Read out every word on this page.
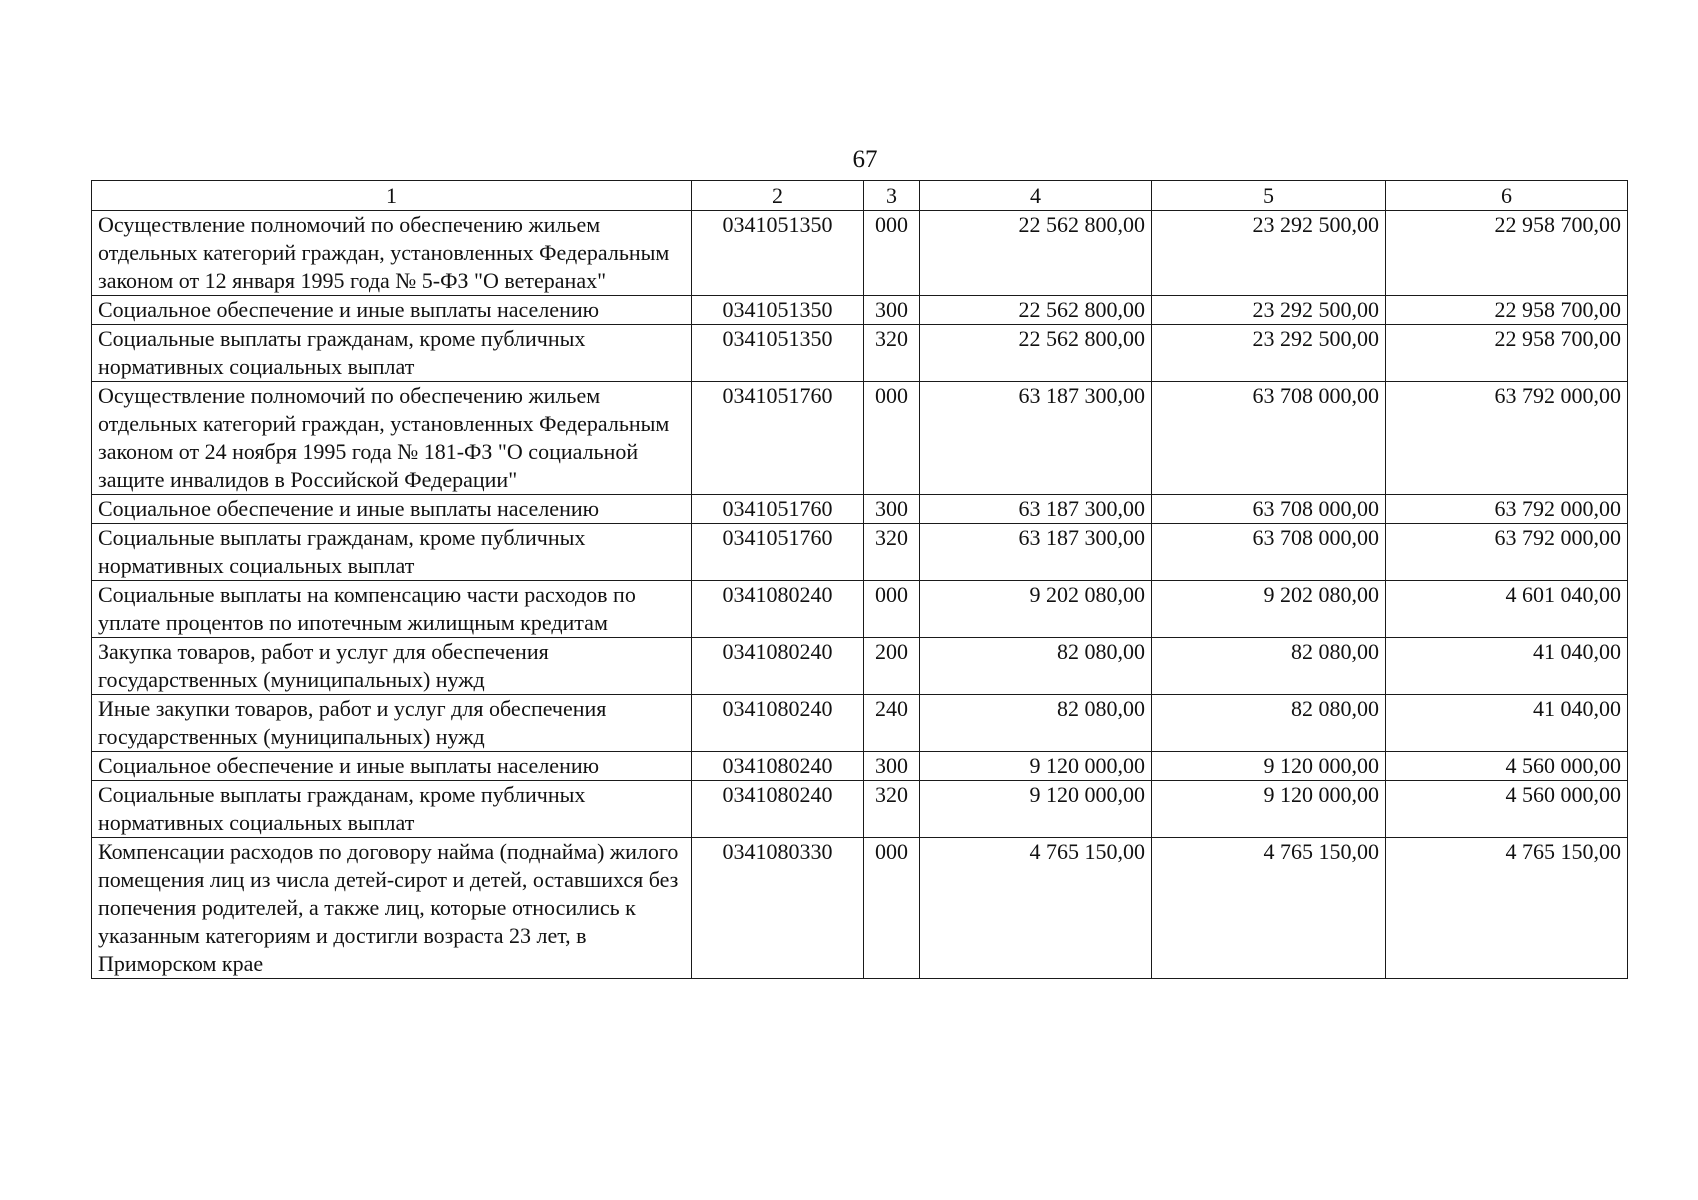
67
1	2	3	4	5	6
Осуществление полномочий по обеспечению жильем отдельных категорий граждан, установленных Федеральным законом от 12 января 1995 года № 5-ФЗ "О ветеранах"	0341051350	000	22 562 800,00	23 292 500,00	22 958 700,00
Социальное обеспечение и иные выплаты населению	0341051350	300	22 562 800,00	23 292 500,00	22 958 700,00
Социальные выплаты гражданам, кроме публичных нормативных социальных выплат	0341051350	320	22 562 800,00	23 292 500,00	22 958 700,00
Осуществление полномочий по обеспечению жильем отдельных категорий граждан, установленных Федеральным законом от 24 ноября 1995 года № 181-ФЗ "О социальной защите инвалидов в Российской Федерации"	0341051760	000	63 187 300,00	63 708 000,00	63 792 000,00
Социальное обеспечение и иные выплаты населению	0341051760	300	63 187 300,00	63 708 000,00	63 792 000,00
Социальные выплаты гражданам, кроме публичных нормативных социальных выплат	0341051760	320	63 187 300,00	63 708 000,00	63 792 000,00
Социальные выплаты на компенсацию части расходов по уплате процентов по ипотечным жилищным кредитам	0341080240	000	9 202 080,00	9 202 080,00	4 601 040,00
Закупка товаров, работ и услуг для обеспечения государственных (муниципальных) нужд	0341080240	200	82 080,00	82 080,00	41 040,00
Иные закупки товаров, работ и услуг для обеспечения государственных (муниципальных) нужд	0341080240	240	82 080,00	82 080,00	41 040,00
Социальное обеспечение и иные выплаты населению	0341080240	300	9 120 000,00	9 120 000,00	4 560 000,00
Социальные выплаты гражданам, кроме публичных нормативных социальных выплат	0341080240	320	9 120 000,00	9 120 000,00	4 560 000,00
Компенсации расходов по договору найма (поднайма) жилого помещения лиц из числа детей-сирот и детей, оставшихся без попечения родителей, а также лиц, которые относились к указанным категориям и достигли возраста 23 лет, в Приморском крае	0341080330	000	4 765 150,00	4 765 150,00	4 765 150,00
